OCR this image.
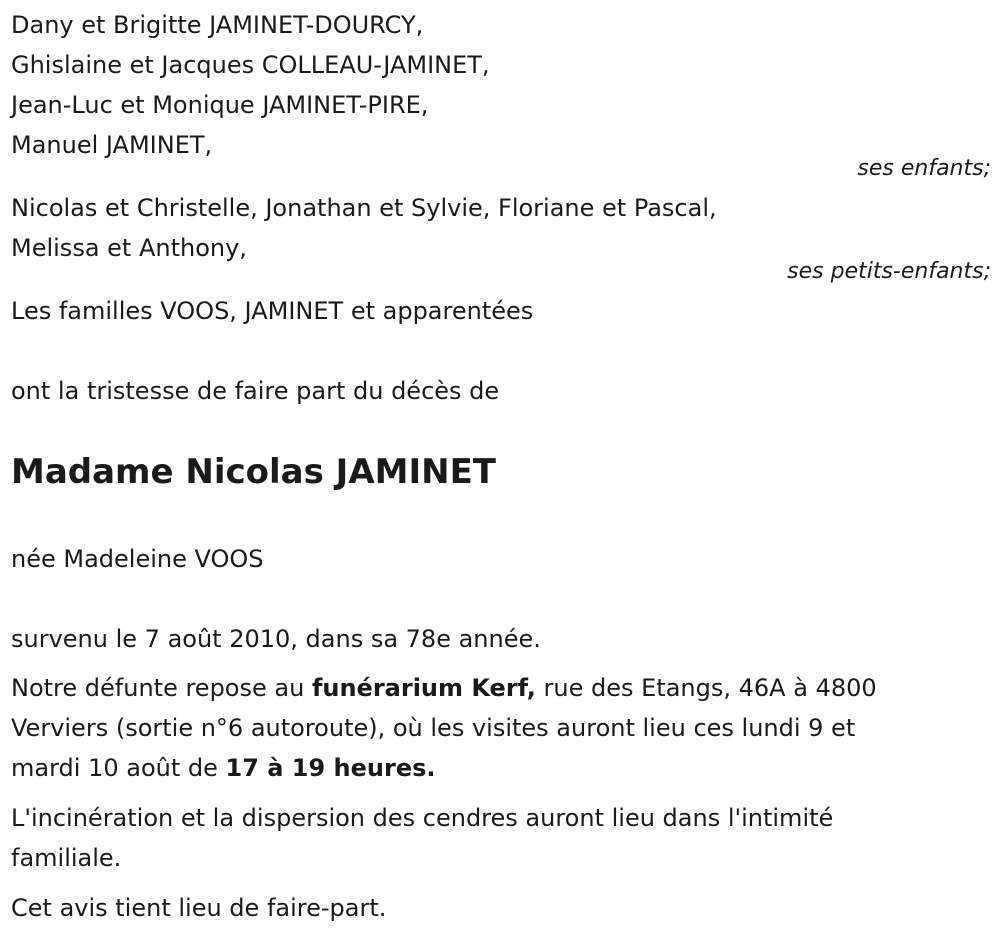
Dany et Brigitte JAMINET-DOURCY,
Ghislaine et Jacques COLLEAU-JAMINET,
Jean-Luc et Monique JAMINET-PIRE,
Manuel JAMINET,
ses enfants;
Nicolas et Christelle, Jonathan et Sylvie, Floriane et Pascal,
Melissa et Anthony,
ses petits-enfants;
Les familles VOOS, JAMINET et apparentées
ont la tristesse de faire part du décès de
Madame Nicolas JAMINET
née Madeleine VOOS
survenu le 7 août 2010, dans sa 78e année.
Notre défunte repose au funérarium Kerf, rue des Etangs, 46A à 4800
Verviers (sortie n°6 autoroute), où les visites auront lieu ces lundi 9 et
mardi 10 août de 17 à 19 heures.
L'incinération et la dispersion des cendres auront lieu dans l'intimité
familiale.
Cet avis tient lieu de faire-part.
